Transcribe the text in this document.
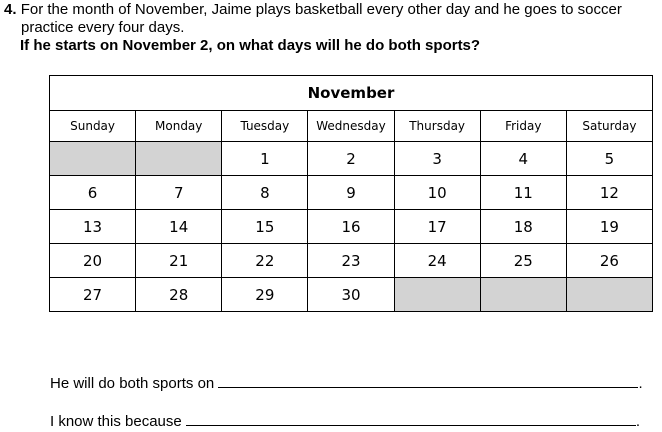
4. For the month of November, Jaime plays basketball every other day and he goes to soccer
practice every four days.
If he starts on November 2, on what days will he do both sports?
November						
Sunday	Monday	Tuesday	Wednesday	Thursday	Friday	Saturday
		1	2	3	4	5
6	7	8	9	10	11	12
13	14	15	16	17	18	19
20	21	22	23	24	25	26
27	28	29	30			
He will do both sports on	.
I know this because	.
